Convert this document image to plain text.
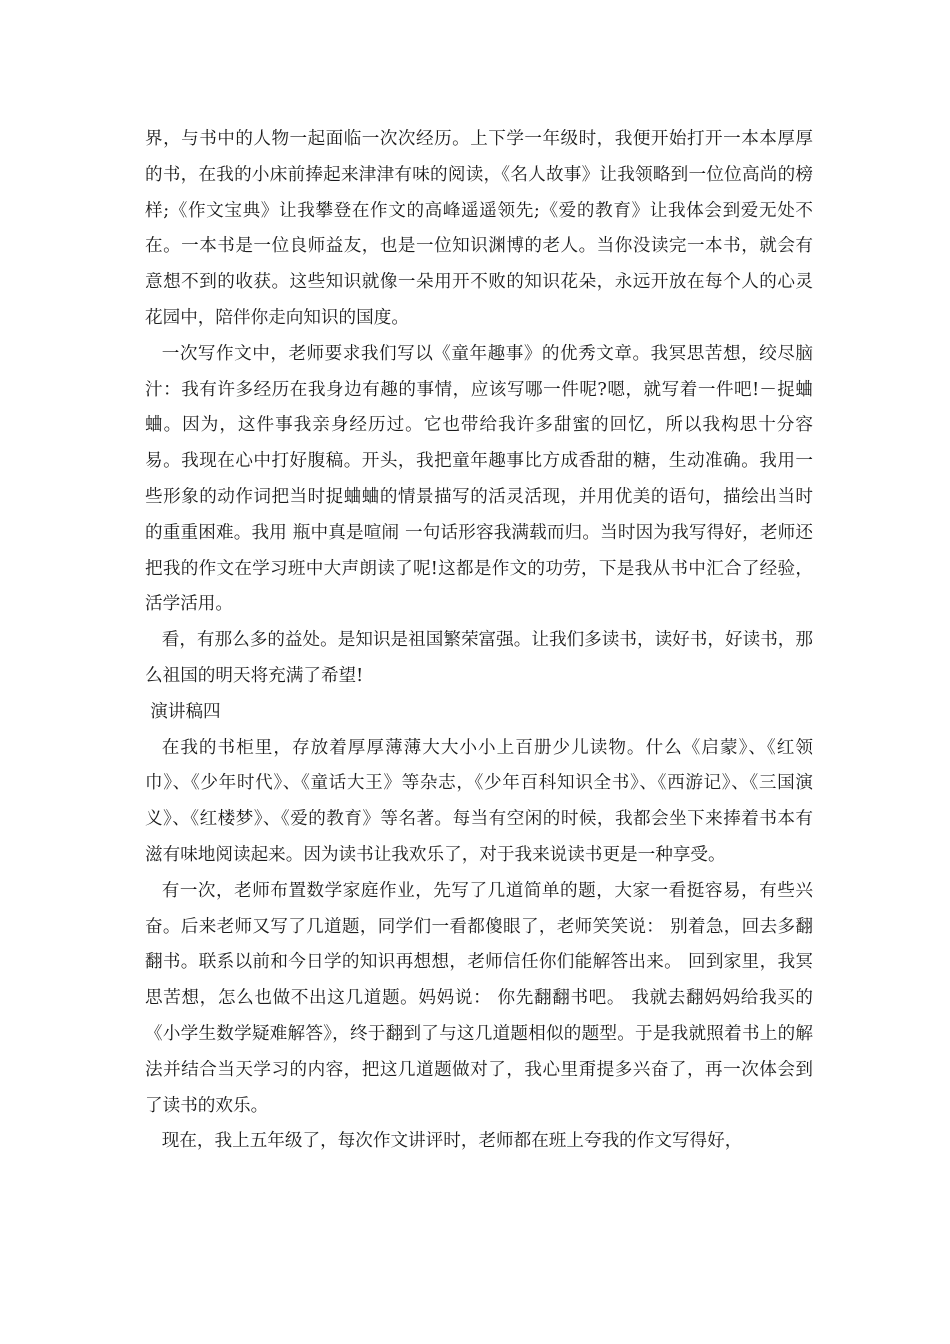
界，与书中的人物一起面临一次次经历。上下学一年级时，我便开始打开一本本厚厚的书，在我的小床前捧起来津津有味的阅读，《名人故事》让我领略到一位位高尚的榜样;《作文宝典》让我攀登在作文的高峰遥遥领先;《爱的教育》让我体会到爱无处不在。一本书是一位良师益友，也是一位知识渊博的老人。当你没读完一本书，就会有意想不到的收获。这些知识就像一朵用开不败的知识花朵，永远开放在每个人的心灵花园中，陪伴你走向知识的国度。

一次写作文中，老师要求我们写以《童年趣事》的优秀文章。我冥思苦想，绞尽脑汁：我有许多经历在我身边有趣的事情，应该写哪一件呢?嗯，就写着一件吧!－捉蛐蛐。因为，这件事我亲身经历过。它也带给我许多甜蜜的回忆，所以我构思十分容易。我现在心中打好腹稿。开头，我把童年趣事比方成香甜的糖，生动准确。我用一些形象的动作词把当时捉蛐蛐的情景描写的活灵活现，并用优美的语句，描绘出当时的重重困难。我用 瓶中真是喧闹 一句话形容我满载而归。当时因为我写得好，老师还把我的作文在学习班中大声朗读了呢!这都是作文的功劳，下是我从书中汇合了经验，活学活用。

看，有那么多的益处。是知识是祖国繁荣富强。让我们多读书，读好书，好读书，那么祖国的明天将充满了希望!

演讲稿四

在我的书柜里，存放着厚厚薄薄大大小小上百册少儿读物。什么《启蒙》、《红领巾》、《少年时代》、《童话大王》等杂志，《少年百科知识全书》、《西游记》、《三国演义》、《红楼梦》、《爱的教育》等名著。每当有空闲的时候，我都会坐下来捧着书本有滋有味地阅读起来。因为读书让我欢乐了，对于我来说读书更是一种享受。

有一次，老师布置数学家庭作业，先写了几道简单的题，大家一看挺容易，有些兴奋。后来老师又写了几道题，同学们一看都傻眼了，老师笑笑说： 别着急，回去多翻翻书。联系以前和今日学的知识再想想，老师信任你们能解答出来。 回到家里，我冥思苦想，怎么也做不出这几道题。妈妈说： 你先翻翻书吧。 我就去翻妈妈给我买的《小学生数学疑难解答》，终于翻到了与这几道题相似的题型。于是我就照着书上的解法并结合当天学习的内容，把这几道题做对了，我心里甭提多兴奋了，再一次体会到了读书的欢乐。

现在，我上五年级了，每次作文讲评时，老师都在班上夸我的作文写得好，
